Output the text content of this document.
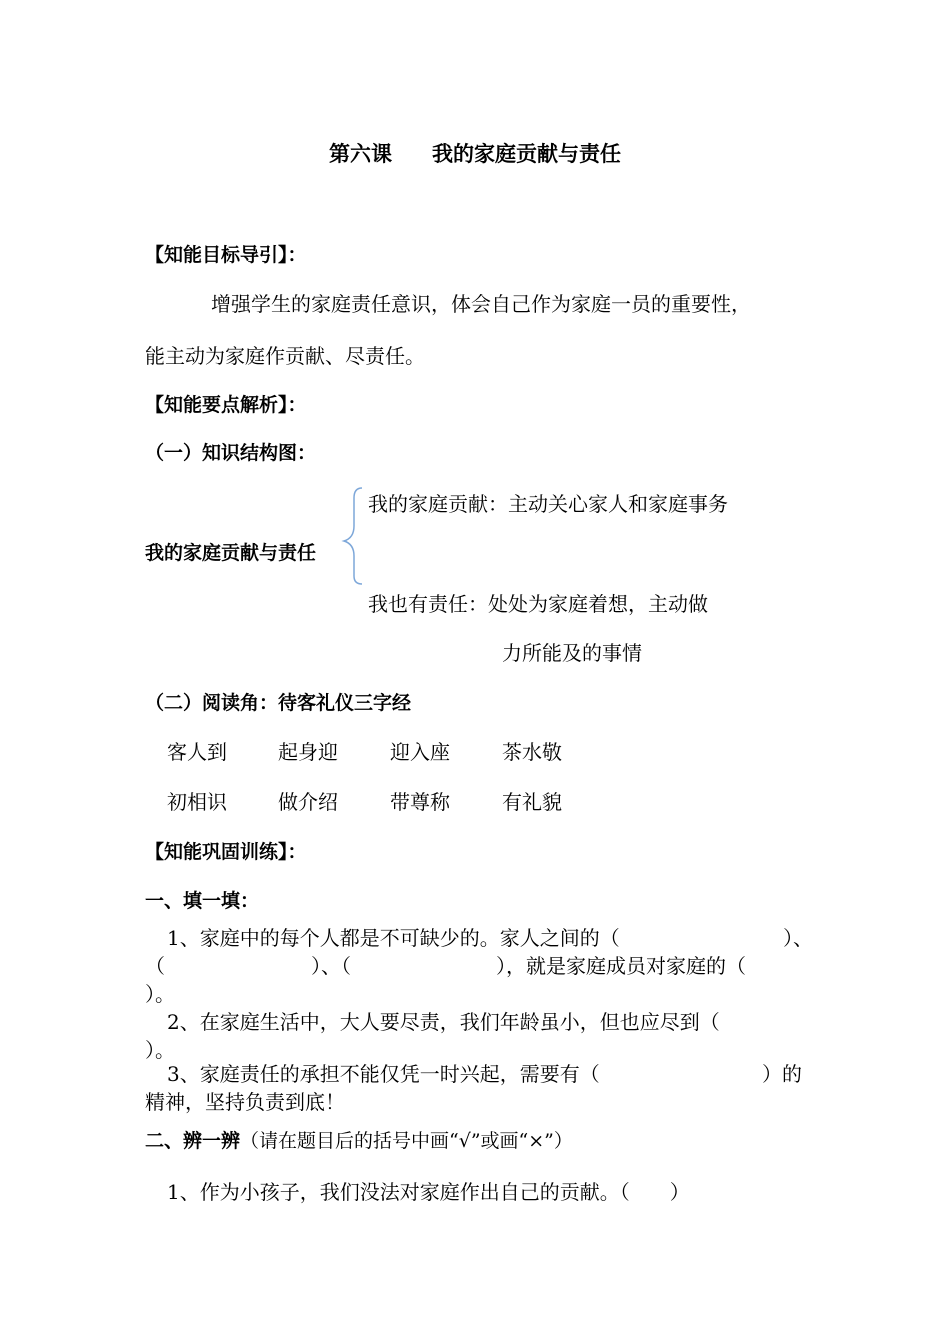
第六课 我的家庭贡献与责任
【知能目标导引】：
增强学生的家庭责任意识，体会自己作为家庭一员的重要性，
能主动为家庭作贡献、尽责任。
【知能要点解析】：
（一）知识结构图：
我的家庭贡献与责任
我的家庭贡献：主动关心家人和家庭事务
我也有责任：处处为家庭着想，主动做
力所能及的事情
（二）阅读角：待客礼仪三字经
客人到	起身迎	迎入座	茶水敬
初相识	做介绍	带尊称	有礼貌
【知能巩固训练】：
一、填一填：
1、家庭中的每个人都是不可缺少的。家人之间的（	）、
（	）、（	），就是家庭成员对家庭的（
）。
2、在家庭生活中，大人要尽责，我们年龄虽小，但也应尽到（
）。
3、家庭责任的承担不能仅凭一时兴起，需要有（	）的
精神，坚持负责到底！
二、辨一辨（请在题目后的括号中画“√”或画“×”）
1、作为小孩子，我们没法对家庭作出自己的贡献。（　　）
